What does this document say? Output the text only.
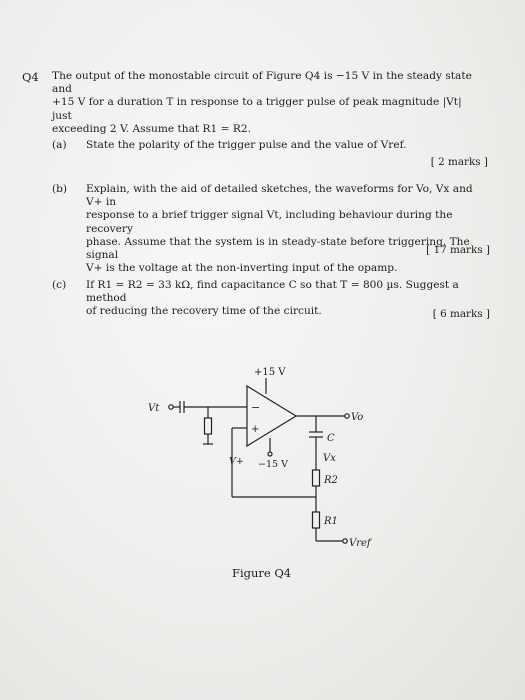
Q4 The output of the monostable circuit of Figure Q4 is −15 V in the steady state and
+15 V for a duration T in response to a trigger pulse of peak magnitude |Vt| just
exceeding 2 V. Assume that R1 = R2.
(a) State the polarity of the trigger pulse and the value of Vref.
[ 2 marks ]
(b) Explain, with the aid of detailed sketches, the waveforms for Vo, Vx and V+ in
response to a brief trigger signal Vt, including behaviour during the recovery
phase. Assume that the system is in steady-state before triggering. The signal
V+ is the voltage at the non-inverting input of the opamp.
[ 17 marks ]
(c) If R1 = R2 = 33 kΩ, find capacitance C so that T = 800 µs. Suggest a method
of reducing the recovery time of the circuit.	[ 6 marks ]
+15 V
Vt	−
+
V+ −15 V
Vo
C
Vx
R2
R1
Vref
Figure Q4
